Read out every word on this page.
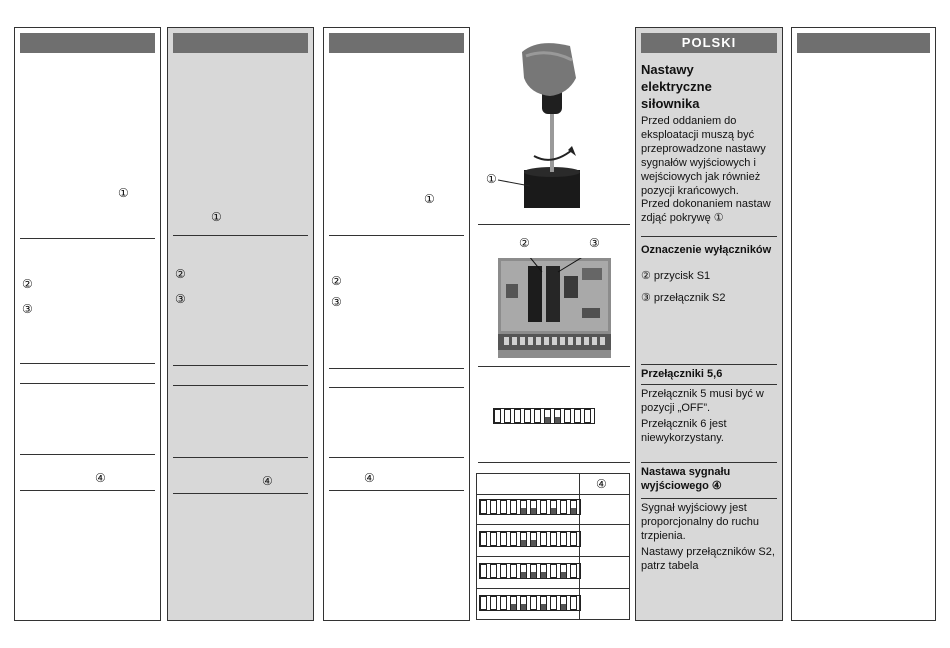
①
②
③
④
①
②
③
④
①
②
③
④
①
②	③
④
POLSKI
Nastawy elektryczne siłownika
Przed oddaniem do eksploatacji muszą być przeprowadzone nastawy sygnałów wyjściowych i wejściowych jak również pozycji krańcowych.
Przed dokonaniem nastaw zdjąć pokrywę ①
Oznaczenie wyłączników
② przycisk S1
③ przełącznik S2
Przełączniki 5,6
Przełącznik 5 musi być w pozycji „OFF”.
Przełącznik 6 jest niewykorzystany.
Nastawa sygnału wyjściowego ④
Sygnał wyjściowy jest proporcjonalny do ruchu trzpienia.
Nastawy przełączników S2, patrz tabela
